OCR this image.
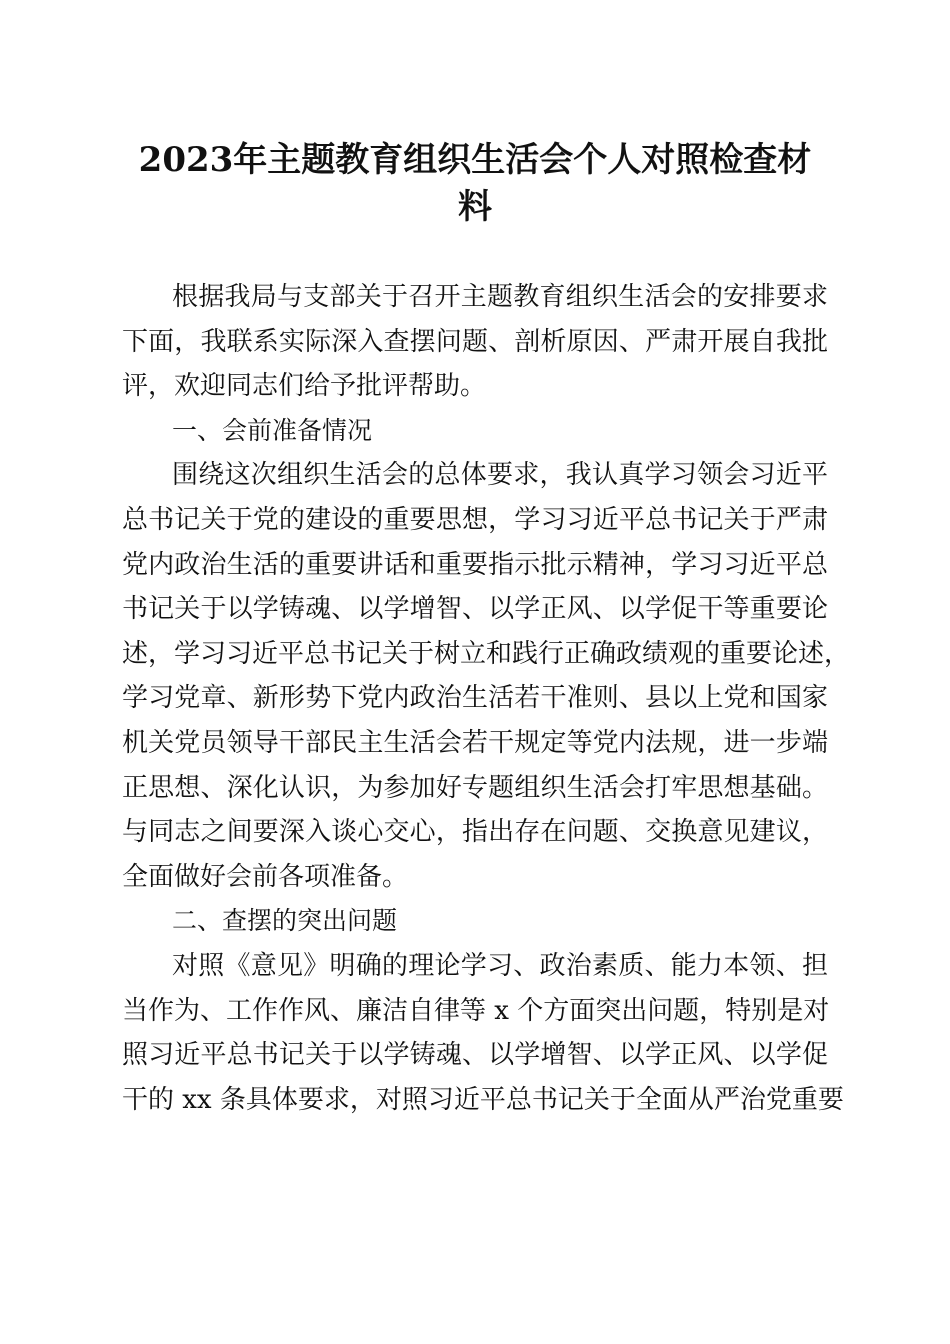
2023年主题教育组织生活会个人对照检查材
料
根据我局与支部关于召开主题教育组织生活会的安排要求
下面，我联系实际深入查摆问题、剖析原因、严肃开展自我批
评，欢迎同志们给予批评帮助。
一、会前准备情况
围绕这次组织生活会的总体要求，我认真学习领会习近平
总书记关于党的建设的重要思想，学习习近平总书记关于严肃
党内政治生活的重要讲话和重要指示批示精神，学习习近平总
书记关于以学铸魂、以学增智、以学正风、以学促干等重要论
述，学习习近平总书记关于树立和践行正确政绩观的重要论述，
学习党章、新形势下党内政治生活若干准则、县以上党和国家
机关党员领导干部民主生活会若干规定等党内法规，进一步端
正思想、深化认识，为参加好专题组织生活会打牢思想基础。
与同志之间要深入谈心交心，指出存在问题、交换意见建议，
全面做好会前各项准备。
二、查摆的突出问题
对照《意见》明确的理论学习、政治素质、能力本领、担
当作为、工作作风、廉洁自律等 x 个方面突出问题，特别是对
照习近平总书记关于以学铸魂、以学增智、以学正风、以学促
干的 xx 条具体要求，对照习近平总书记关于全面从严治党重要
